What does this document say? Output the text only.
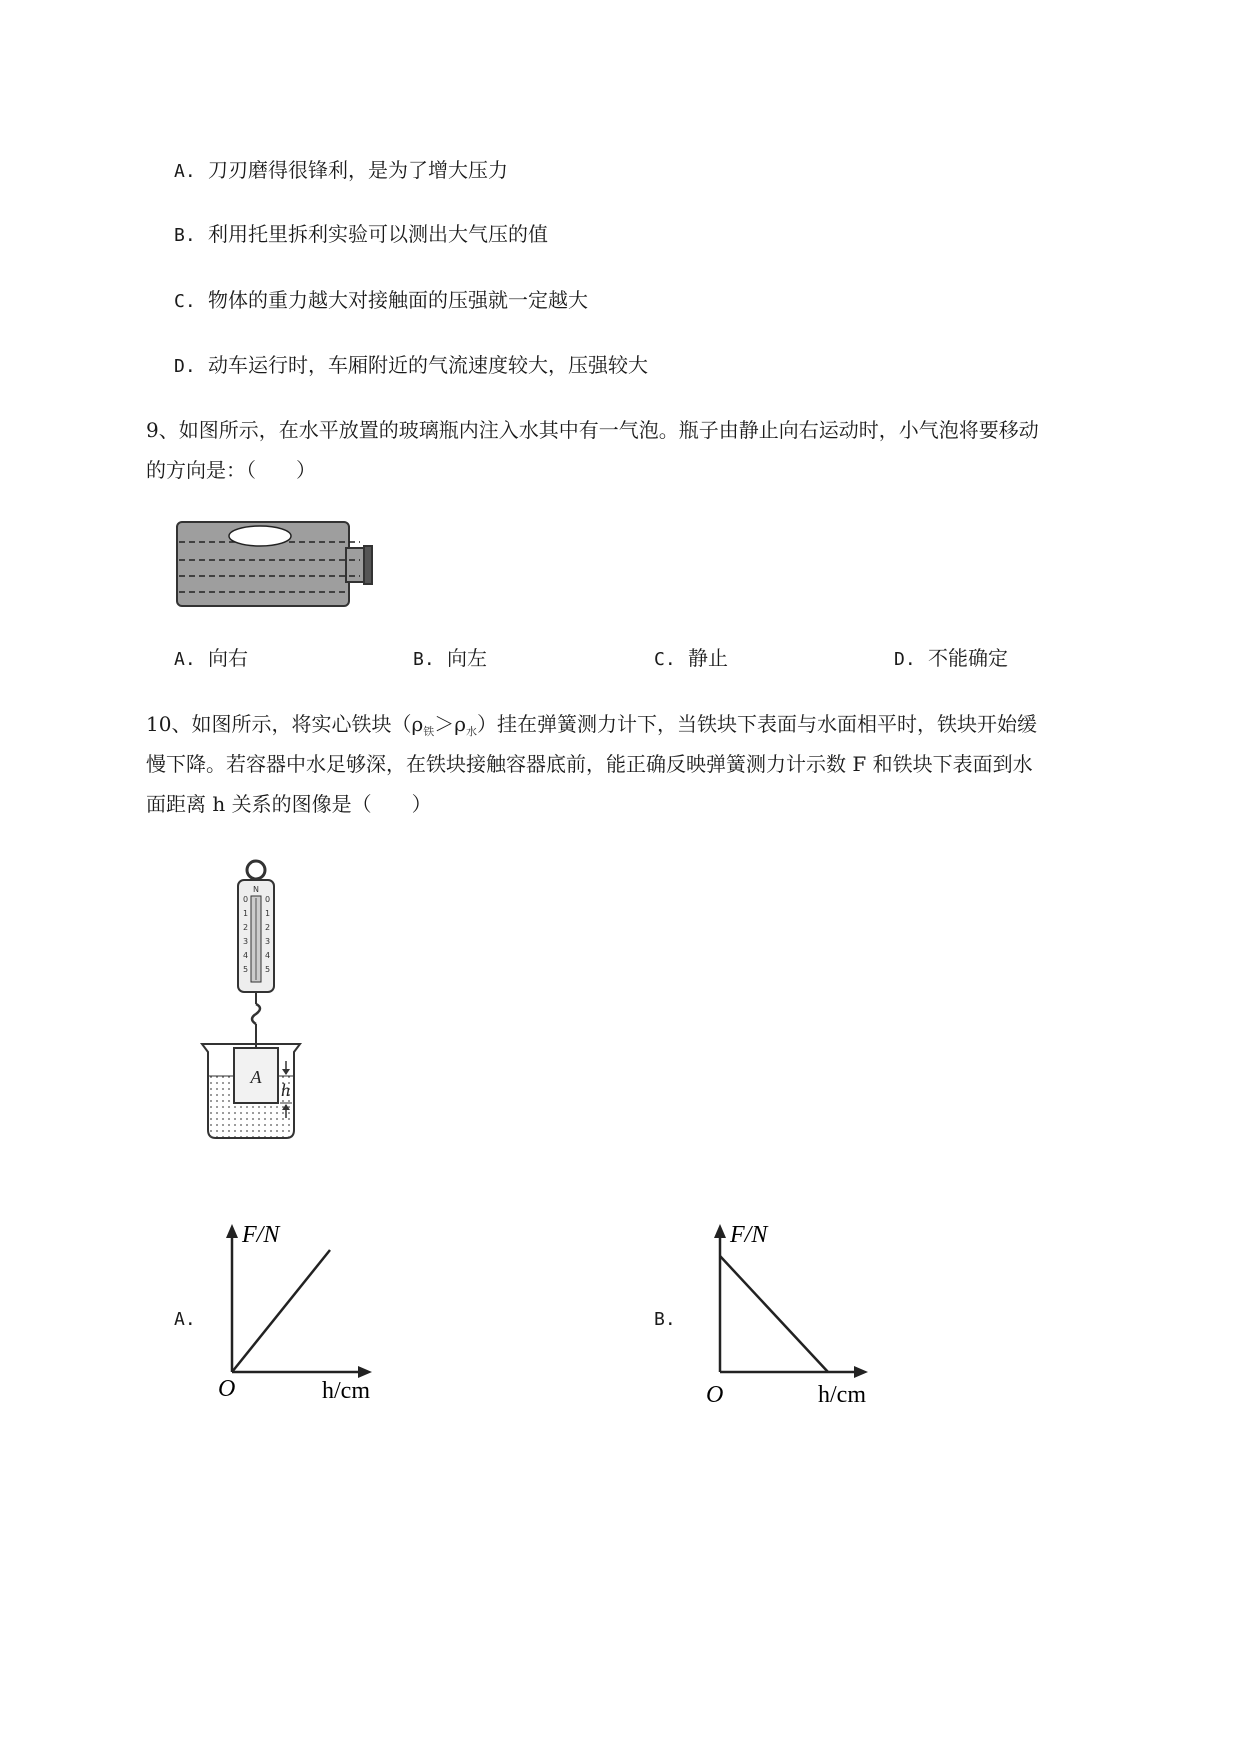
A. 刀刃磨得很锋利，是为了增大压力
B. 利用托里拆利实验可以测出大气压的值
C. 物体的重力越大对接触面的压强就一定越大
D. 动车运行时，车厢附近的气流速度较大，压强较大
9、如图所示，在水平放置的玻璃瓶内注入水其中有一气泡。瓶子由静止向右运动时，小气泡将要移动
的方向是：（　　）
A. 向右	B. 向左	C. 静止	D. 不能确定
10、如图所示，将实心铁块$(\rho_铁>\rho_水)$挂在弹簧测力计下，当铁块下表面与水面相平时，铁块开始缓
慢下降。若容器中水足够深，在铁块接触容器底前，能正确反映弹簧测力计示数 F 和铁块下表面到水
面距离 h 关系的图像是（　　）
N
0
1
2
3
4
5
0
1
2
3
4
5
A
h
A.
F/N
O	h/cm
B.
F/N
O	h/cm
